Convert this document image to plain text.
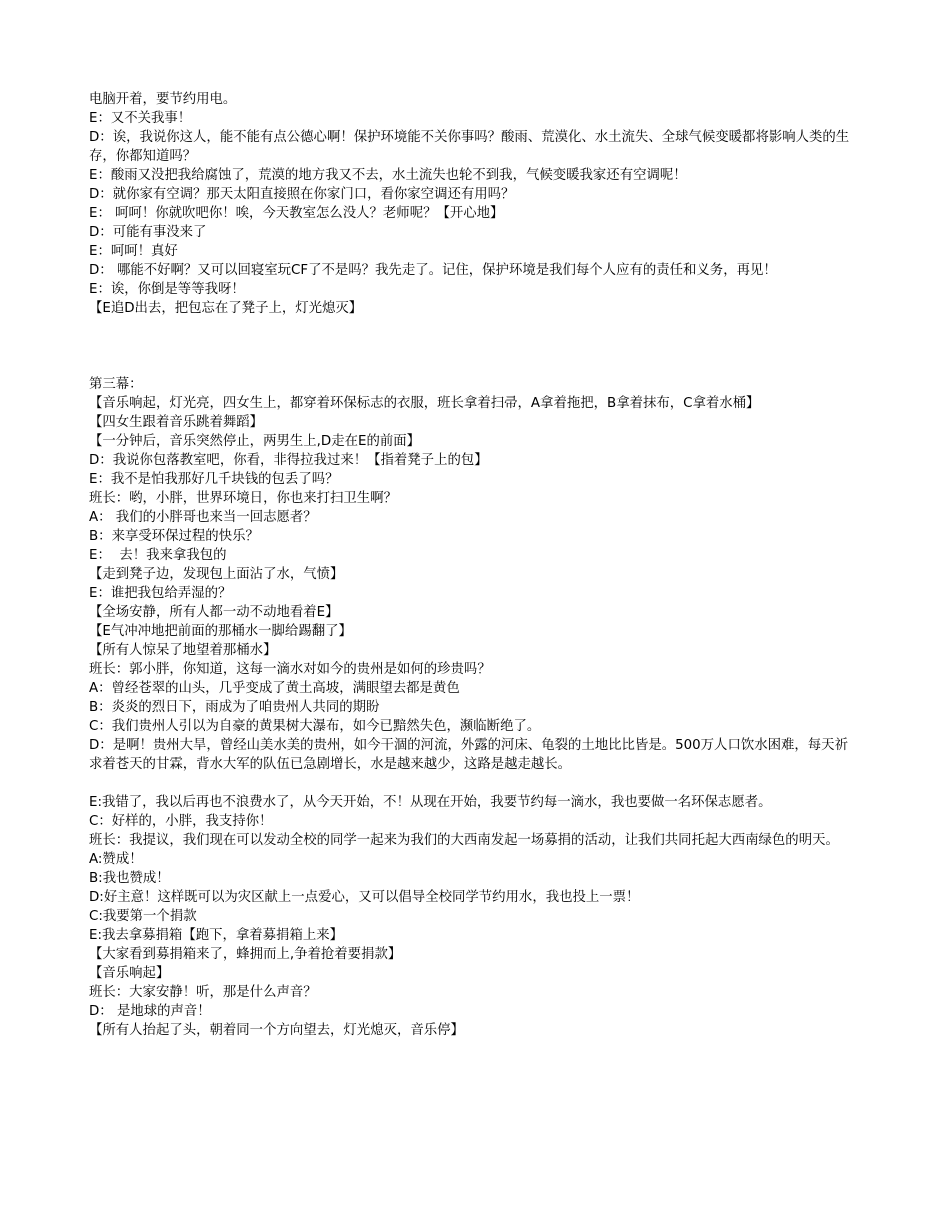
电脑开着，要节约用电。

E：又不关我事！

D：诶，我说你这人，能不能有点公德心啊！保护环境能不关你事吗？酸雨、荒漠化、水土流失、全球气候变暖都将影响人类的生存，你都知道吗？

E：酸雨又没把我给腐蚀了，荒漠的地方我又不去，水土流失也轮不到我，气候变暖我家还有空调呢！

D：就你家有空调？那天太阳直接照在你家门口，看你家空调还有用吗？

E： 呵呵！你就吹吧你！唉，今天教室怎么没人？老师呢？【开心地】

D：可能有事没来了

E：呵呵！真好

D： 哪能不好啊？又可以回寝室玩CF了不是吗？我先走了。记住，保护环境是我们每个人应有的责任和义务，再见！

E：诶，你倒是等等我呀！

【E追D出去，把包忘在了凳子上，灯光熄灭】

第三幕：

【音乐响起，灯光亮，四女生上，都穿着环保标志的衣服，班长拿着扫帚，A拿着拖把，B拿着抹布，C拿着水桶】

【四女生跟着音乐跳着舞蹈】

【一分钟后，音乐突然停止，两男生上,D走在E的前面】

D：我说你包落教室吧，你看，非得拉我过来！【指着凳子上的包】

E：我不是怕我那好几千块钱的包丢了吗？

班长：哟，小胖，世界环境日，你也来打扫卫生啊？

A： 我们的小胖哥也来当一回志愿者？

B：来享受环保过程的快乐？

E：  去！我来拿我包的

【走到凳子边，发现包上面沾了水，气愤】

E：谁把我包给弄湿的？

【全场安静，所有人都一动不动地看着E】

【E气冲冲地把前面的那桶水一脚给踢翻了】

【所有人惊呆了地望着那桶水】

班长：郭小胖，你知道，这每一滴水对如今的贵州是如何的珍贵吗？

A：曾经苍翠的山头，几乎变成了黄土高坡，满眼望去都是黄色

B：炎炎的烈日下，雨成为了咱贵州人共同的期盼

C：我们贵州人引以为自豪的黄果树大瀑布，如今已黯然失色，濒临断绝了。

D：是啊！贵州大旱，曾经山美水美的贵州，如今干涸的河流，外露的河床、龟裂的土地比比皆是。500万人口饮水困难，每天祈求着苍天的甘霖，背水大军的队伍已急剧增长，水是越来越少，这路是越走越长。

E:我错了，我以后再也不浪费水了，从今天开始，不！从现在开始，我要节约每一滴水，我也要做一名环保志愿者。

C：好样的，小胖，我支持你！

班长：我提议，我们现在可以发动全校的同学一起来为我们的大西南发起一场募捐的活动，让我们共同托起大西南绿色的明天。

A:赞成！

B:我也赞成！

D:好主意！这样既可以为灾区献上一点爱心，又可以倡导全校同学节约用水，我也投上一票！

C:我要第一个捐款

E:我去拿募捐箱【跑下，拿着募捐箱上来】

【大家看到募捐箱来了，蜂拥而上,争着抢着要捐款】

【音乐响起】

班长：大家安静！听，那是什么声音？

D： 是地球的声音！

【所有人抬起了头，朝着同一个方向望去，灯光熄灭，音乐停】
